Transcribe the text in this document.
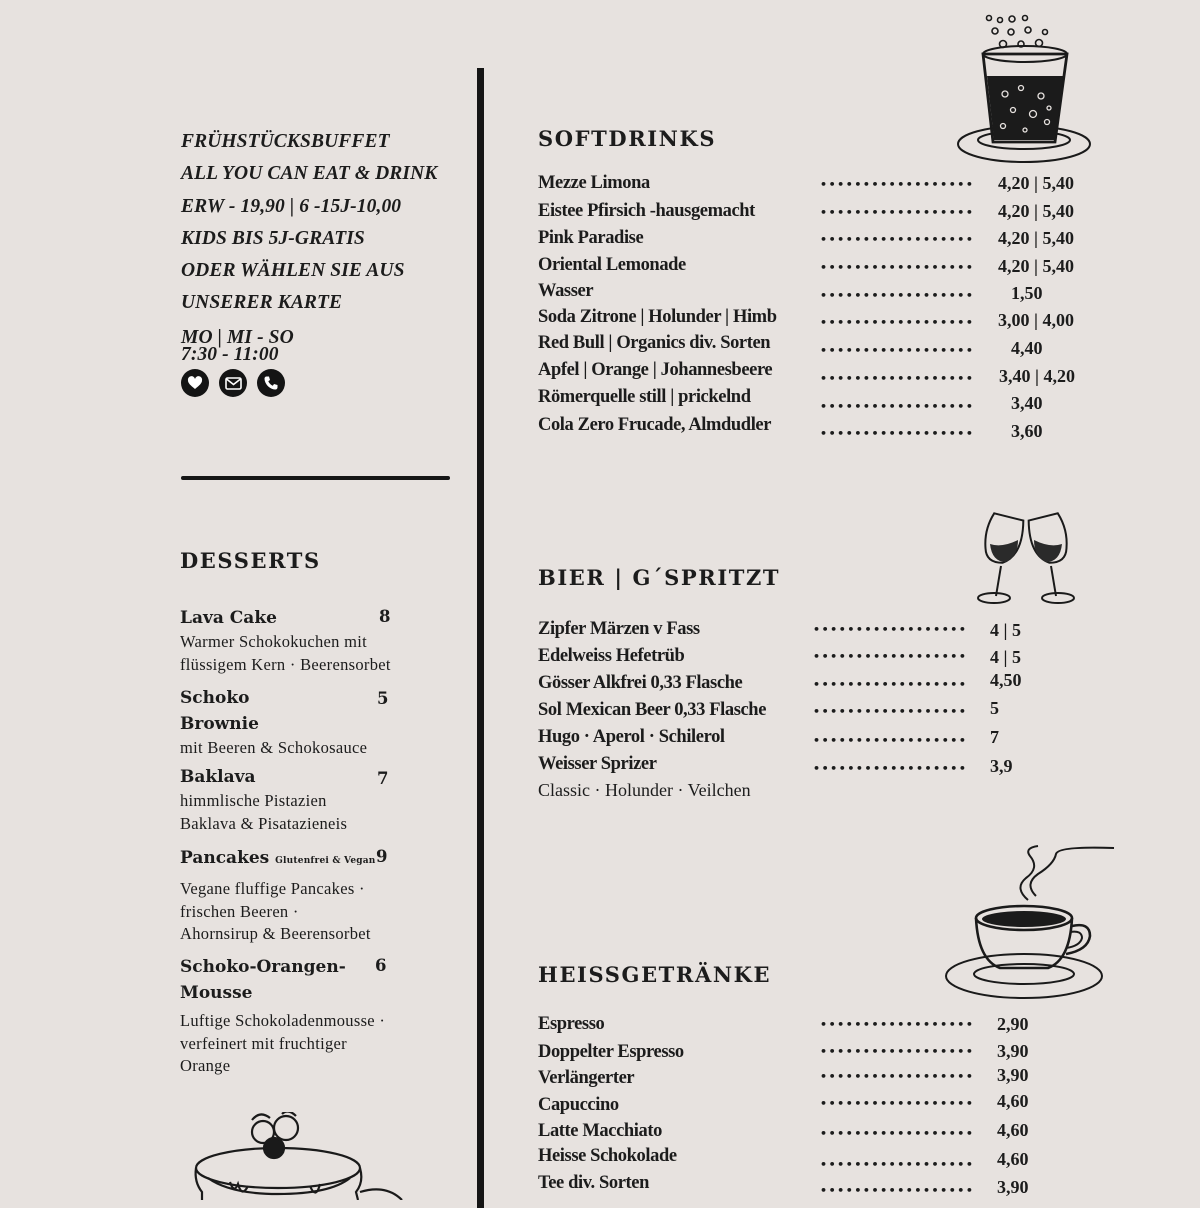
FRÜHSTÜCKSBUFFET
ALL YOU CAN EAT & DRINK
ERW - 19,90 | 6 -15J-10,00
KIDS BIS 5J-GRATIS
ODER WÄHLEN SIE AUS
UNSERER KARTE
MO | MI - SO
7:30 - 11:00
DESSERTS
Lava Cake	8
Warmer Schokokuchen mit
flüssigem Kern · Beerensorbet
Schoko
Brownie
5
mit Beeren & Schokosauce
Baklava	7
himmlische Pistazien
Baklava & Pisatazieneis
Pancakes Glutenfrei & Vegan 9
Vegane fluffige Pancakes ·
frischen Beeren ·
Ahornsirup & Beerensorbet
Schoko-Orangen-
Mousse
6
Luftige Schokoladenmousse ·
verfeinert mit fruchtiger
Orange
SOFTDRINKS
Mezze Limona
Eistee Pfirsich -hausgemacht
Pink Paradise
Oriental Lemonade
Wasser
Soda Zitrone | Holunder | Himb
Red Bull | Organics div. Sorten
Apfel | Orange | Johannesbeere
Römerquelle still | prickelnd
Cola Zero Frucade, Almdudler
••••••••••••••••••
••••••••••••••••••
••••••••••••••••••
••••••••••••••••••
••••••••••••••••••
••••••••••••••••••
••••••••••••••••••
••••••••••••••••••
••••••••••••••••••
••••••••••••••••••
4,20 | 5,40
4,20 | 5,40
4,20 | 5,40
4,20 | 5,40
1,50
3,00 | 4,00
4,40
3,40 | 4,20
3,40
3,60
BIER | G´SPRITZT
Zipfer Märzen v Fass
Edelweiss Hefetrüb
Gösser Alkfrei 0,33 Flasche
Sol Mexican Beer 0,33 Flasche
Hugo · Aperol · Schilerol
Weisser Sprizer
Classic · Holunder · Veilchen
••••••••••••••••••
••••••••••••••••••
••••••••••••••••••
••••••••••••••••••
••••••••••••••••••
••••••••••••••••••
4 | 5
4 | 5
4,50
5
7
3,9
HEISSGETRÄNKE
Espresso
Doppelter Espresso
Verlängerter
Capuccino
Latte Macchiato
Heisse Schokolade
Tee div. Sorten
••••••••••••••••••
••••••••••••••••••
••••••••••••••••••
••••••••••••••••••
••••••••••••••••••
••••••••••••••••••
••••••••••••••••••
2,90
3,90
3,90
4,60
4,60
4,60
3,90
